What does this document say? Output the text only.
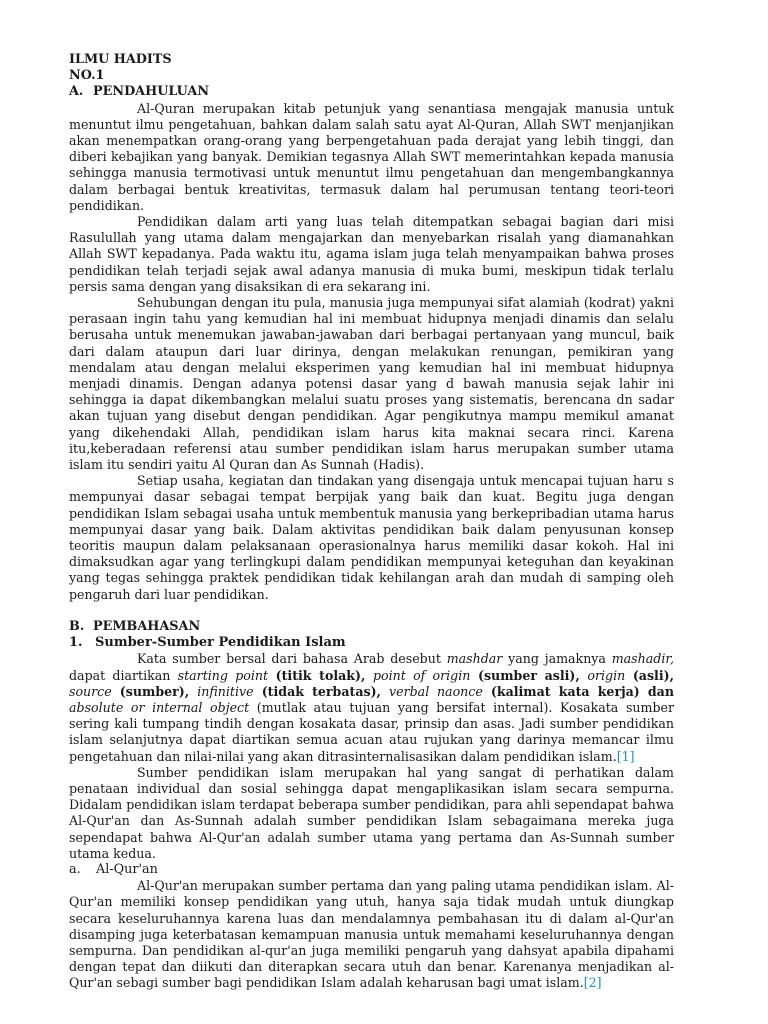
ILMU HADITS
NO.1
A. PENDAHULUAN

Al-Quran merupakan kitab petunjuk yang senantiasa mengajak manusia untuk menuntut ilmu pengetahuan, bahkan dalam salah satu ayat Al-Quran, Allah SWT menjanjikan akan menempatkan orang-orang yang berpengetahuan pada derajat yang lebih tinggi, dan diberi kebajikan yang banyak. Demikian tegasnya Allah SWT memerintahkan kepada manusia sehingga manusia termotivasi untuk menuntut ilmu pengetahuan dan mengembangkannya dalam berbagai bentuk kreativitas, termasuk dalam hal perumusan tentang teori-teori pendidikan.

Pendidikan dalam arti yang luas telah ditempatkan sebagai bagian dari misi Rasulullah yang utama dalam mengajarkan dan menyebarkan risalah yang diamanahkan Allah SWT kepadanya. Pada waktu itu, agama islam juga telah menyampaikan bahwa proses pendidikan telah terjadi sejak awal adanya manusia di muka bumi, meskipun tidak terlalu persis sama dengan yang disaksikan di era sekarang ini.

Sehubungan dengan itu pula, manusia juga mempunyai sifat alamiah (kodrat) yakni perasaan ingin tahu yang kemudian hal ini membuat hidupnya menjadi dinamis dan selalu berusaha untuk menemukan jawaban-jawaban dari berbagai pertanyaan yang muncul, baik dari dalam ataupun dari luar dirinya, dengan melakukan renungan, pemikiran yang mendalam atau dengan melalui eksperimen yang kemudian hal ini membuat hidupnya menjadi dinamis. Dengan adanya potensi dasar yang d bawah manusia sejak lahir ini sehingga ia dapat dikembangkan melalui suatu proses yang sistematis, berencana dn sadar akan tujuan yang disebut dengan pendidikan. Agar pengikutnya mampu memikul amanat yang dikehendaki Allah, pendidikan islam harus kita maknai secara rinci. Karena itu,keberadaan referensi atau sumber pendidikan islam harus merupakan sumber utama islam itu sendiri yaitu Al Quran dan As Sunnah (Hadis).

Setiap usaha, kegiatan dan tindakan yang disengaja untuk mencapai tujuan haru s mempunyai dasar sebagai tempat berpijak yang baik dan kuat. Begitu juga dengan pendidikan Islam sebagai usaha untuk membentuk manusia yang berkepribadian utama harus mempunyai dasar yang baik. Dalam aktivitas pendidikan baik dalam penyusunan konsep teoritis maupun dalam pelaksanaan operasionalnya harus memiliki dasar kokoh. Hal ini dimaksudkan agar yang terlingkupi dalam pendidikan mempunyai keteguhan dan keyakinan yang tegas sehingga praktek pendidikan tidak kehilangan arah dan mudah di samping oleh pengaruh dari luar pendidikan.

B. PEMBAHASAN
1. Sumber-Sumber Pendidikan Islam

Kata sumber bersal dari bahasa Arab desebut mashdar yang jamaknya mashadir, dapat diartikan starting point (titik tolak), point of origin (sumber asli), origin (asli), source (sumber), infinitive (tidak terbatas), verbal naonce (kalimat kata kerja) dan absolute or internal object (mutlak atau tujuan yang bersifat internal). Kosakata sumber sering kali tumpang tindih dengan kosakata dasar, prinsip dan asas. Jadi sumber pendidikan islam selanjutnya dapat diartikan semua acuan atau rujukan yang darinya memancar ilmu pengetahuan dan nilai-nilai yang akan ditrasinternalisasikan dalam pendidikan islam.[1]

Sumber pendidikan islam merupakan hal yang sangat di perhatikan dalam penataan individual dan sosial sehingga dapat mengaplikasikan islam secara sempurna. Didalam pendidikan islam terdapat beberapa sumber pendidikan, para ahli sependapat bahwa Al-Qur'an dan As-Sunnah adalah sumber pendidikan Islam sebagaimana mereka juga sependapat bahwa Al-Qur'an adalah sumber utama yang pertama dan As-Sunnah sumber utama kedua.

a.	Al-Qur'an

Al-Qur'an merupakan sumber pertama dan yang paling utama pendidikan islam. Al-Qur'an memiliki konsep pendidikan yang utuh, hanya saja tidak mudah untuk diungkap secara keseluruhannya karena luas dan mendalamnya pembahasan itu di dalam al-Qur'an disamping juga keterbatasan kemampuan manusia untuk memahami keseluruhannya dengan sempurna. Dan pendidikan al-qur'an juga memiliki pengaruh yang dahsyat apabila dipahami dengan tepat dan diikuti dan diterapkan secara utuh dan benar. Karenanya menjadikan al-Qur'an sebagi sumber bagi pendidikan Islam adalah keharusan bagi umat islam.[2]
